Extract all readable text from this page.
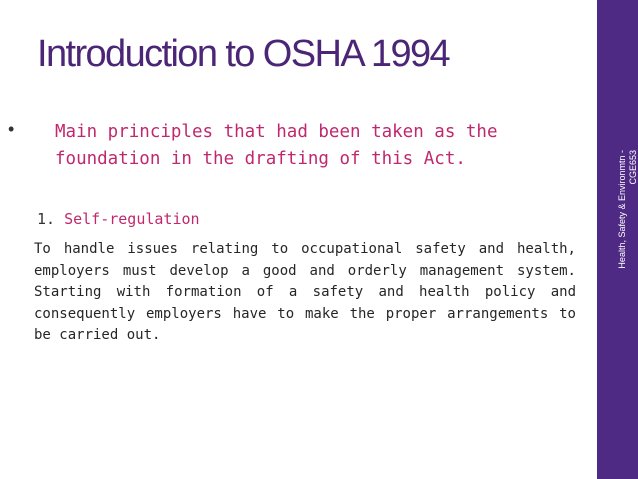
Introduction to OSHA 1994
• Main principles that had been taken as the foundation in the drafting of this Act.
1. Self-regulation

To handle issues relating to occupational safety and health, employers must develop a good and orderly management system. Starting with formation of a safety and health policy and consequently employers have to make the proper arrangements to be carried out.

Health, Safety & Environmtn - CGE653
